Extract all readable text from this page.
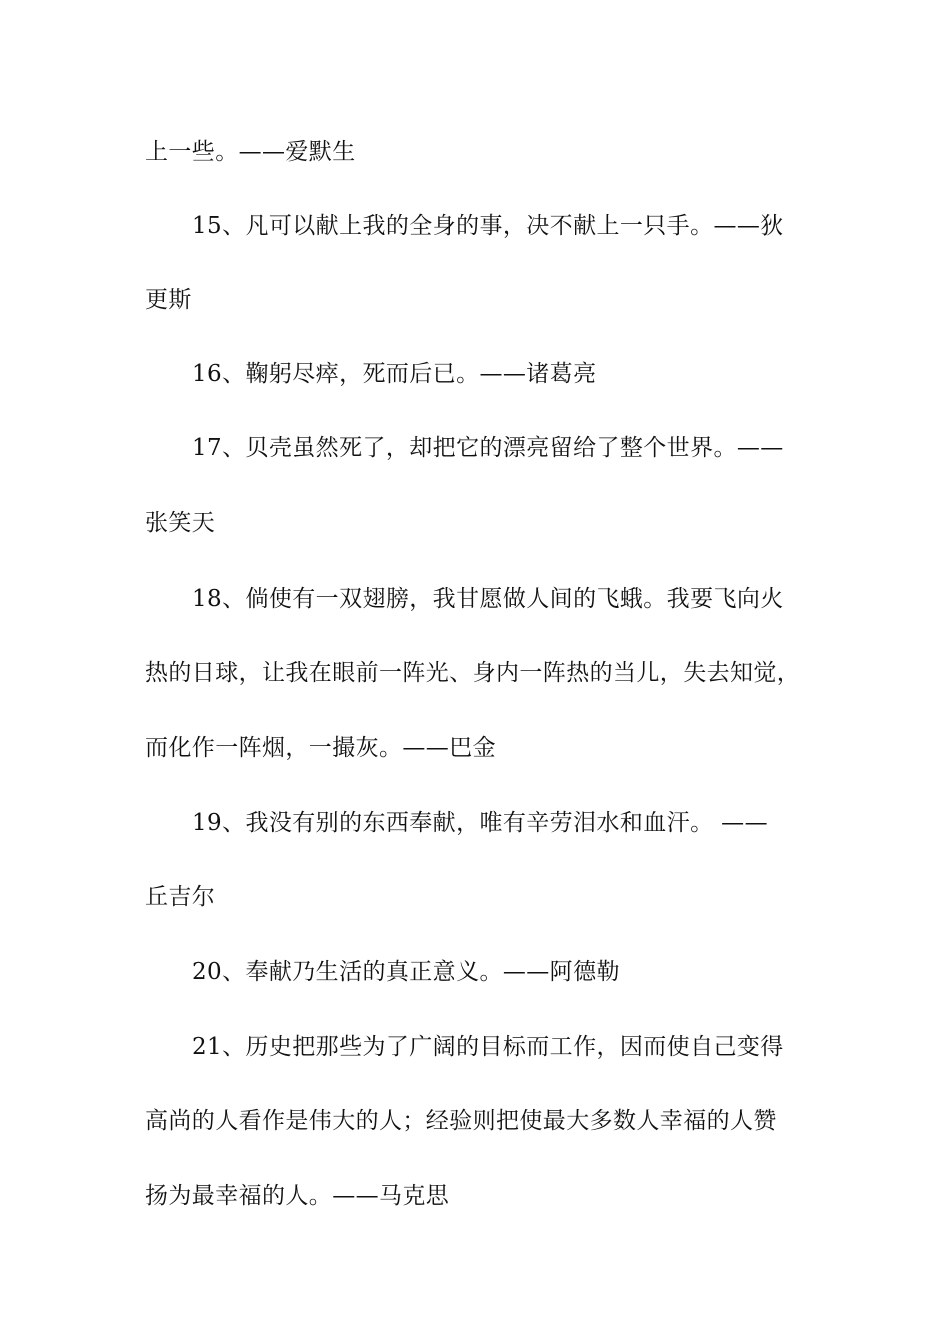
上一些。——爱默生
15、凡可以献上我的全身的事，决不献上一只手。——狄
更斯
16、鞠躬尽瘁，死而后已。——诸葛亮
17、贝壳虽然死了，却把它的漂亮留给了整个世界。——
张笑天
18、倘使有一双翅膀，我甘愿做人间的飞蛾。我要飞向火
热的日球，让我在眼前一阵光、身内一阵热的当儿，失去知觉，
而化作一阵烟，一撮灰。——巴金
19、我没有别的东西奉献，唯有辛劳泪水和血汗。 ——
丘吉尔
20、奉献乃生活的真正意义。——阿德勒
21、历史把那些为了广阔的目标而工作，因而使自己变得
高尚的人看作是伟大的人；经验则把使最大多数人幸福的人赞
扬为最幸福的人。——马克思
